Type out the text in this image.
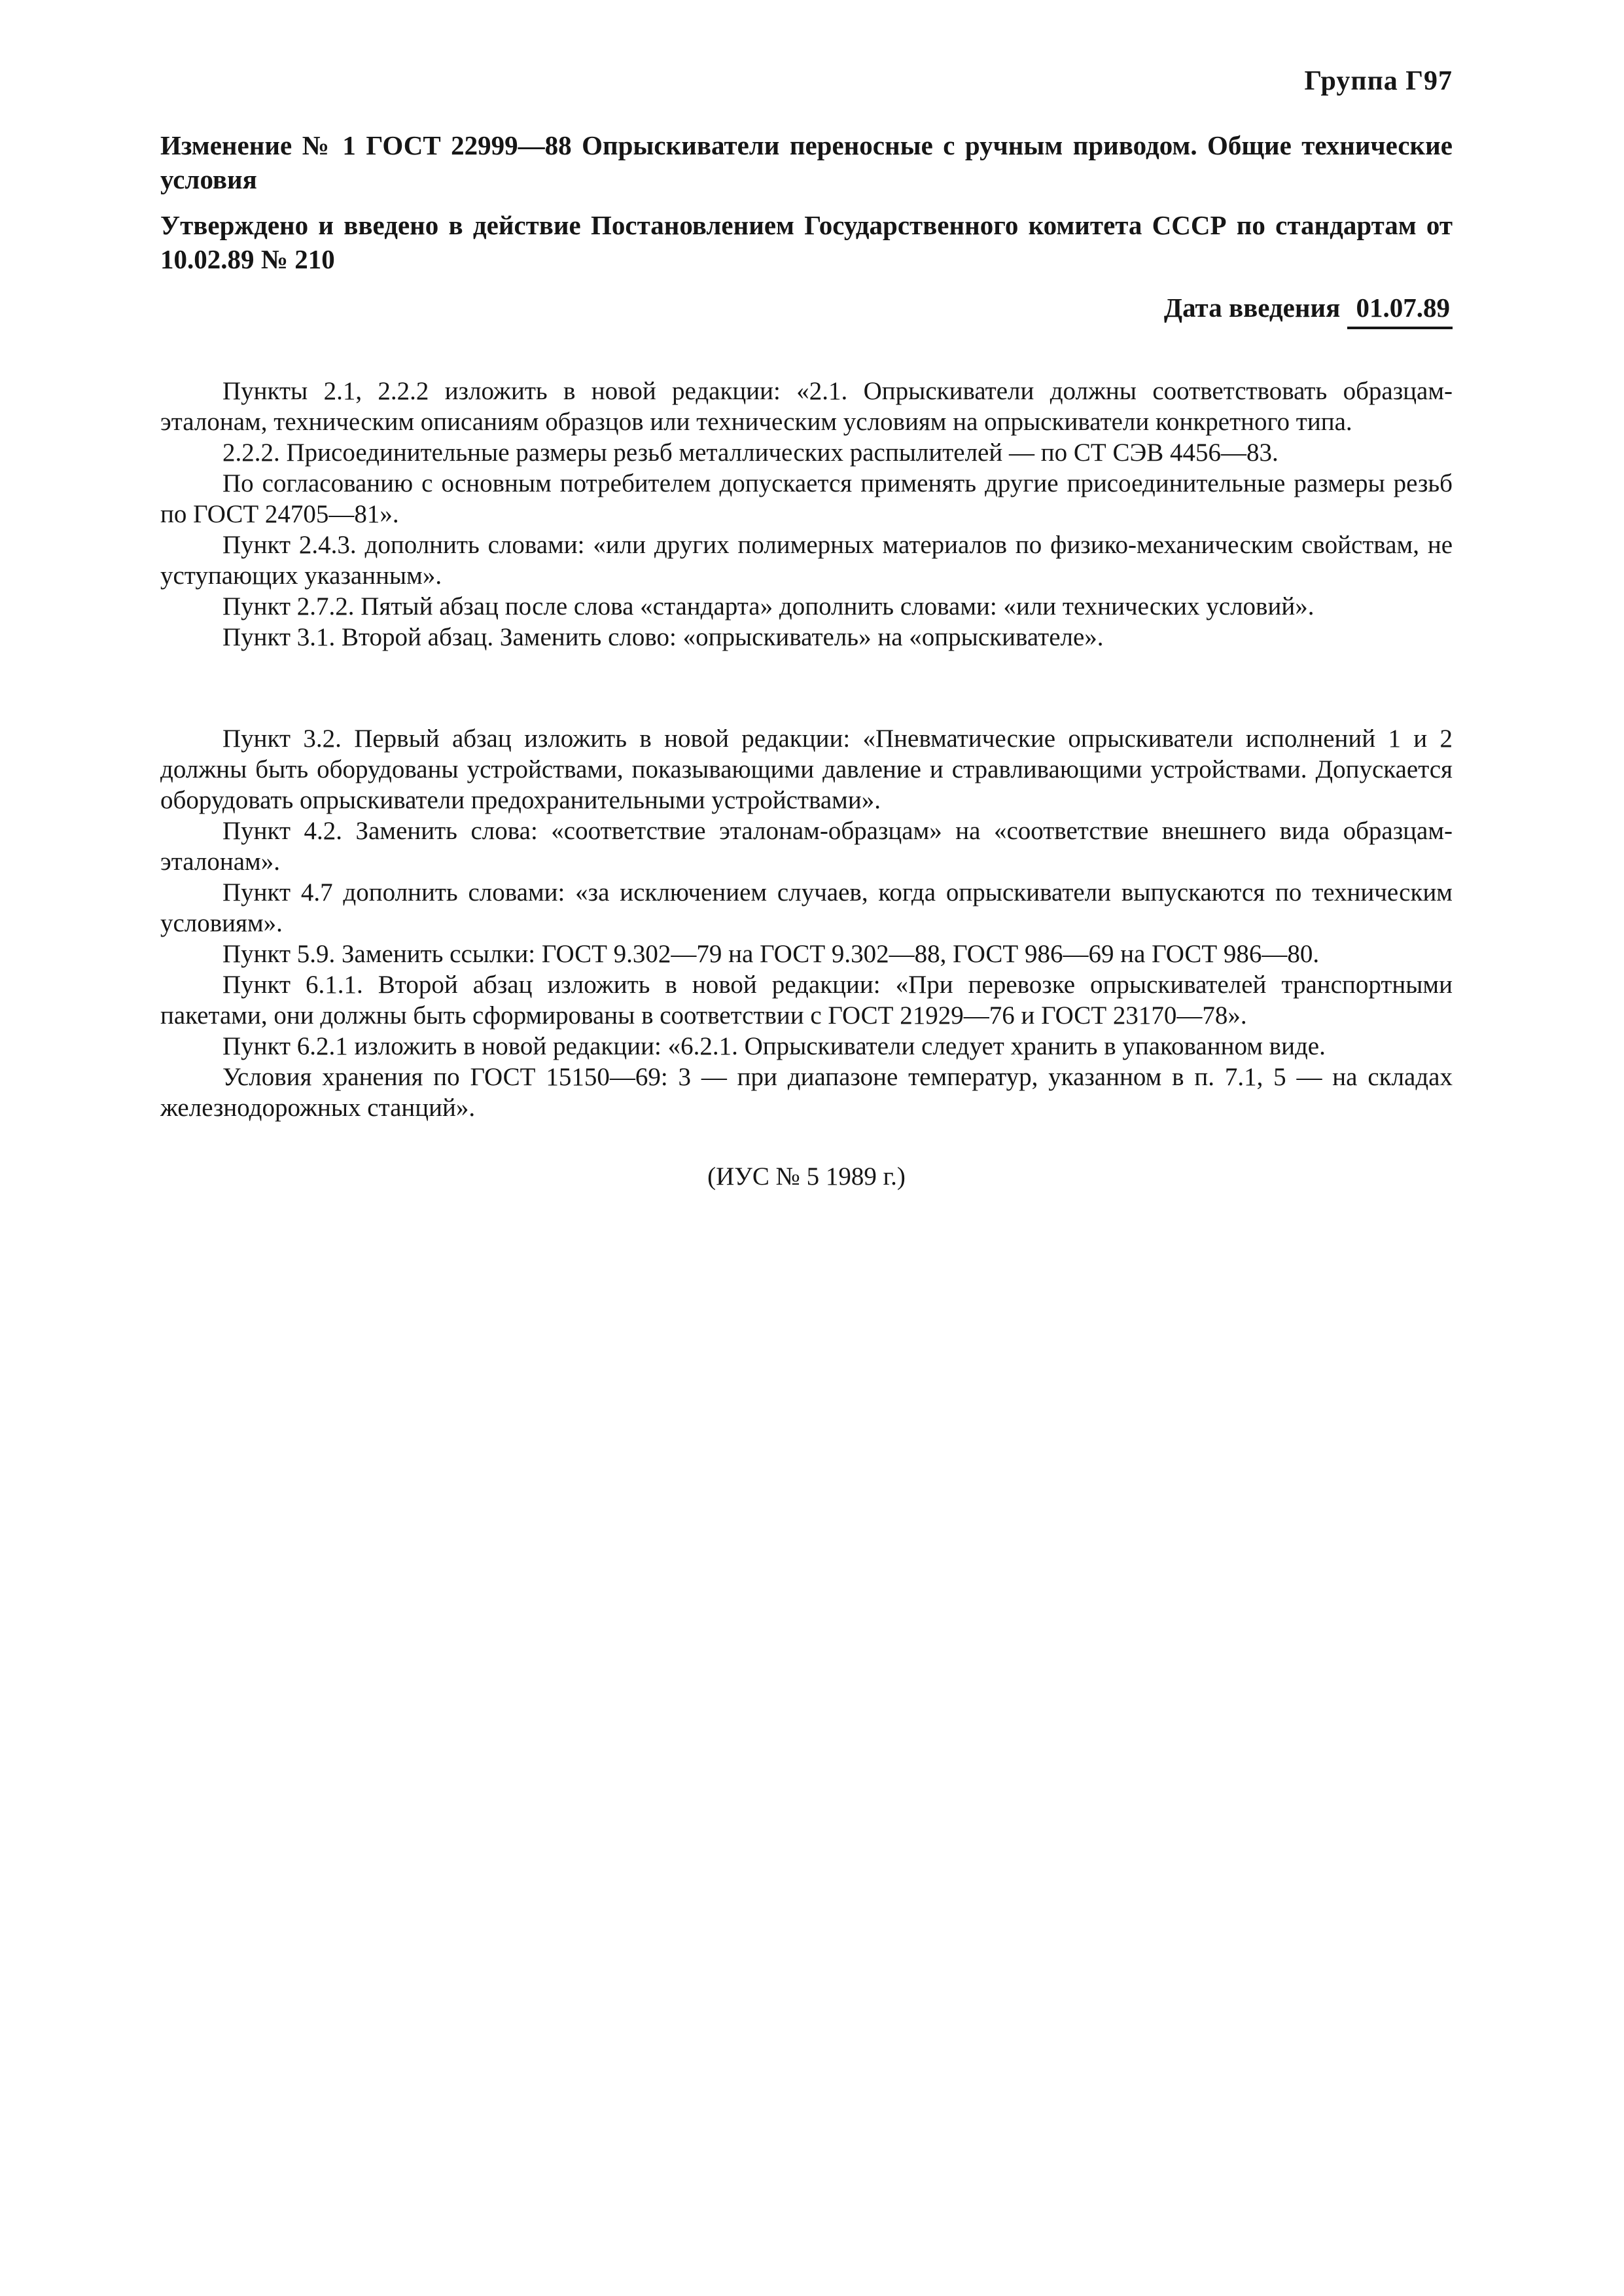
Группа Г97

Изменение № 1 ГОСТ 22999—88 Опрыскиватели переносные с ручным приводом. Общие технические условия

Утверждено и введено в действие Постановлением Государственного комитета СССР по стандартам от 10.02.89 № 210

Дата введения 01.07.89

Пункты 2.1, 2.2.2 изложить в новой редакции: «2.1. Опрыскиватели должны соответствовать образцам-эталонам, техническим описаниям образцов или техническим условиям на опрыскиватели конкретного типа.

2.2.2. Присоединительные размеры резьб металлических распылителей — по СТ СЭВ 4456—83.

По согласованию с основным потребителем допускается применять другие присоединительные размеры резьб по ГОСТ 24705—81».

Пункт 2.4.3. дополнить словами: «или других полимерных материалов по физико-механическим свойствам, не уступающих указанным».

Пункт 2.7.2. Пятый абзац после слова «стандарта» дополнить словами: «или технических условий».

Пункт 3.1. Второй абзац. Заменить слово: «опрыскиватель» на «опрыскивателе».

Пункт 3.2. Первый абзац изложить в новой редакции: «Пневматические опрыскиватели исполнений 1 и 2 должны быть оборудованы устройствами, показывающими давление и стравливающими устройствами. Допускается оборудовать опрыскиватели предохранительными устройствами».

Пункт 4.2. Заменить слова: «соответствие эталонам-образцам» на «соответствие внешнего вида образцам-эталонам».

Пункт 4.7 дополнить словами: «за исключением случаев, когда опрыскиватели выпускаются по техническим условиям».

Пункт 5.9. Заменить ссылки: ГОСТ 9.302—79 на ГОСТ 9.302—88, ГОСТ 986—69 на ГОСТ 986—80.

Пункт 6.1.1. Второй абзац изложить в новой редакции: «При перевозке опрыскивателей транспортными пакетами, они должны быть сформированы в соответствии с ГОСТ 21929—76 и ГОСТ 23170—78».

Пункт 6.2.1 изложить в новой редакции: «6.2.1. Опрыскиватели следует хранить в упакованном виде.

Условия хранения по ГОСТ 15150—69: 3 — при диапазоне температур, указанном в п. 7.1, 5 — на складах железнодорожных станций».

(ИУС № 5 1989 г.)
